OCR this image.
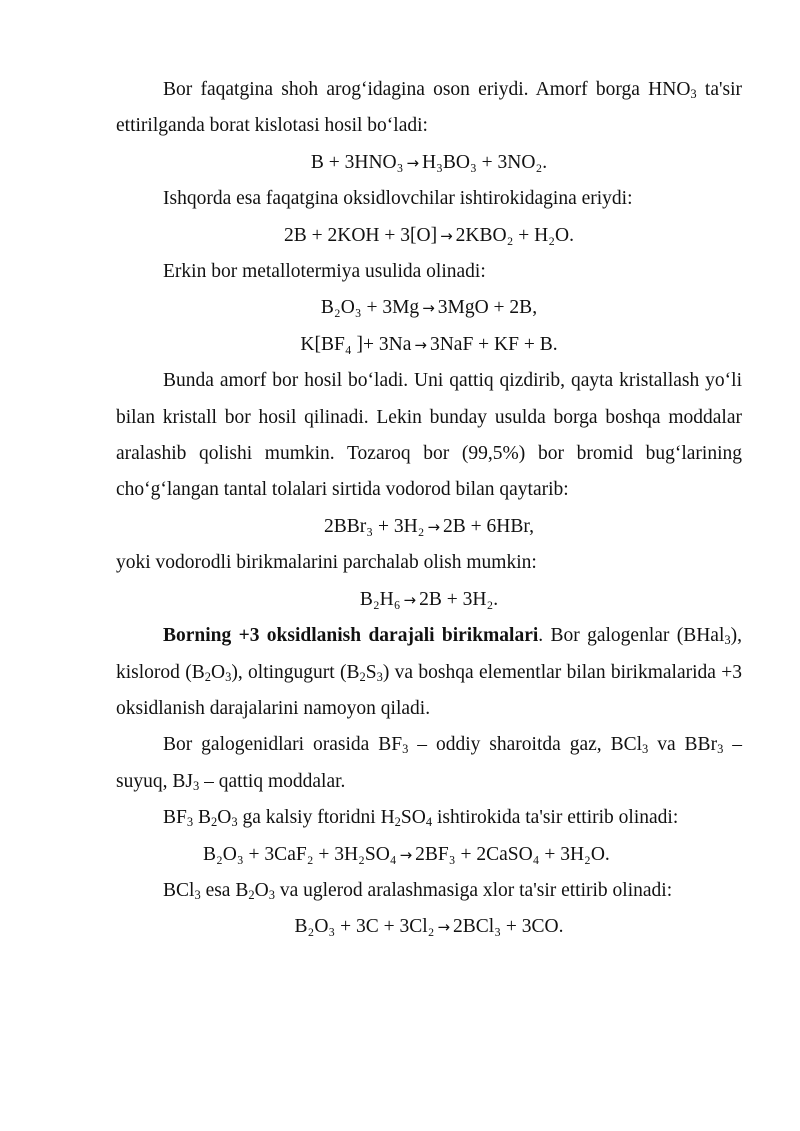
Bor faqatgina shoh arog‘idagina oson eriydi. Amorf borga $HNO_3$ ta'sir ettirilganda borat kislotasi hosil bo‘ladi:

B + 3HNO₃ → H₃BO₃ + 3NO₂.

Ishqorda esa faqatgina oksidlovchilar ishtirokidagina eriydi:

2B + 2KOH + 3[O] → 2KBO₂ + H₂O.

Erkin bor metallotermiya usulida olinadi:

B₂O₃ + 3Mg → 3MgO + 2B,

K[BF₄ ]+ 3Na → 3NaF + KF + B.

Bunda amorf bor hosil bo‘ladi. Uni qattiq qizdirib, qayta kristallash yo‘li bilan kristall bor hosil qilinadi. Lekin bunday usulda borga boshqa moddalar aralashib qolishi mumkin. Tozaroq bor (99,5%) bor bromid bug‘larining cho‘g‘langan tantal tolalari sirtida vodorod bilan qaytarib:

2BBr₃ + 3H₂ → 2B + 6HBr,

yoki vodorodli birikmalarini parchalab olish mumkin:

B₂H₆ → 2B + 3H₂.

Borning +3 oksidlanish darajali birikmalari. Bor galogenlar (BHal$_3$), kislorod $(B_2O_3)$, oltingugurt $(B_2S_3)$ va boshqa elementlar bilan birikmalarida +3 oksidlanish darajalarini namoyon qiladi.

Bor galogenidlari orasida $BF_3$ – oddiy sharoitda gaz, BCl$_3$ va BBr$_3$ – suyuq, $BJ_3$ – qattiq moddalar.

$BF_3$ $B_2O_3$ ga kalsiy ftoridni $H_2SO_4$ ishtirokida ta'sir ettirib olinadi:

B₂O₃ + 3CaF₂ + 3H₂SO₄ → 2BF₃ + 2CaSO₄ + 3H₂O.

BCl$_3$ esa $B_2O_3$ va uglerod aralashmasiga xlor ta'sir ettirib olinadi:

B₂O₃ + 3C + 3Cl₂ → 2BCl₃ + 3CO.
